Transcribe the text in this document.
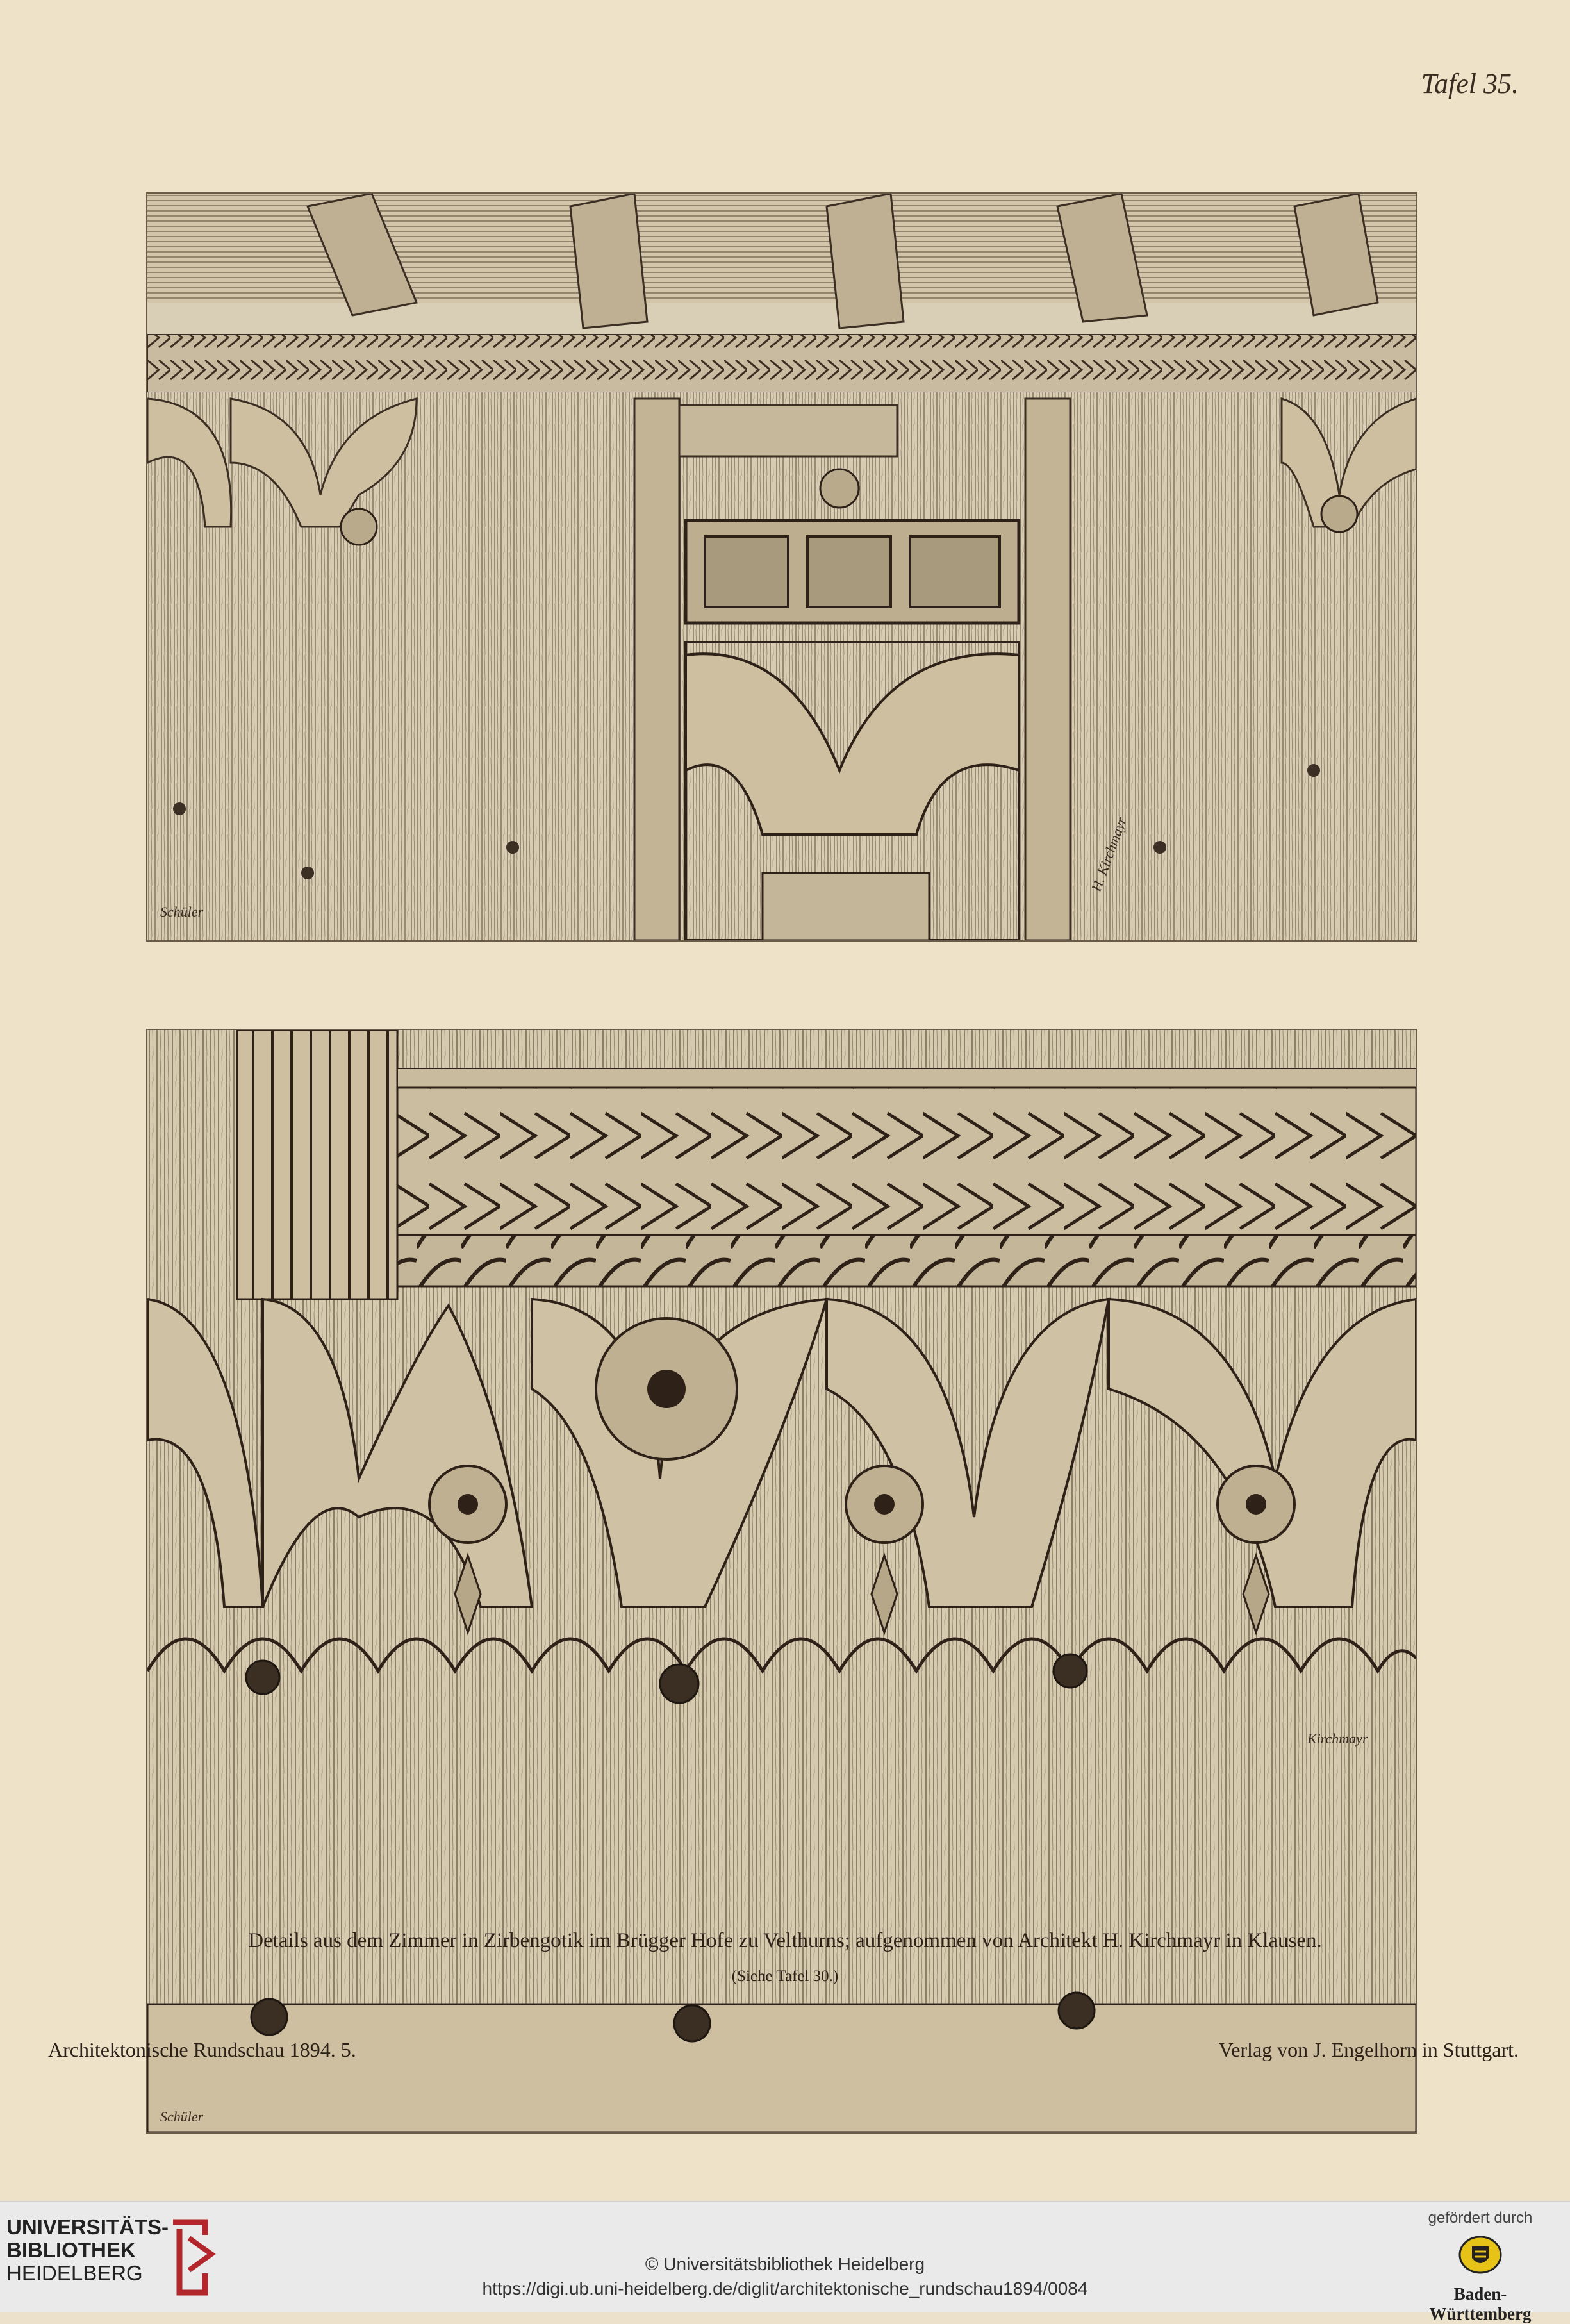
Tafel 35.
Schüler
H. Kirchmayr
Schüler
Kirchmayr
Details aus dem Zimmer in Zirbengotik im Brügger Hofe zu Velthurns; aufgenommen von Architekt H. Kirchmayr in Klausen.
(Siehe Tafel 30.)
Architektonische Rundschau 1894. 5.	Verlag von J. Engelhorn in Stuttgart.
UNIVERSITÄTS-
BIBLIOTHEK
HEIDELBERG	© Universitätsbibliothek Heidelberg
https://digi.ub.uni-heidelberg.de/diglit/architektonische_rundschau1894/0084
gefördert durch
Baden-Württemberg
